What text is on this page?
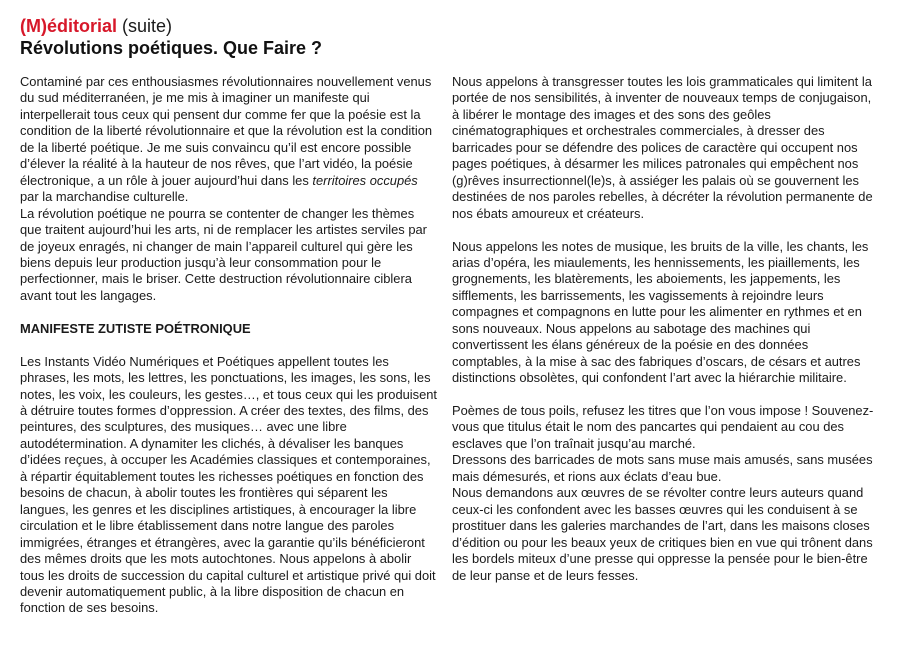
(M)éditorial (suite)

Révolutions poétiques. Que Faire ?

Contaminé par ces enthousiasmes révolutionnaires nouvellement venus du sud méditerranéen, je me mis à imaginer un manifeste qui interpellerait tous ceux qui pensent dur comme fer que la poésie est la condition de la liberté révolutionnaire et que la révolution est la condition de la liberté poétique. Je me suis convaincu qu’il est encore possible d’élever la réalité à la hauteur de nos rêves, que l’art vidéo, la poésie électronique, a un rôle à jouer aujourd’hui dans les territoires occupés par la marchandise culturelle.

La révolution poétique ne pourra se contenter de changer les thèmes que traitent aujourd’hui les arts, ni de remplacer les artistes serviles par de joyeux enragés, ni changer de main l’appareil culturel qui gère les biens depuis leur production jusqu’à leur consommation pour le perfectionner, mais le briser. Cette destruction révolutionnaire ciblera avant tout les langages.

MANIFESTE ZUTISTE POÉTRONIQUE

Les Instants Vidéo Numériques et Poétiques appellent toutes les phrases, les mots, les lettres, les ponctuations, les images, les sons, les notes, les voix, les couleurs, les gestes…, et tous ceux qui les produisent à détruire toutes formes d’oppression. A créer des textes, des films, des peintures, des sculptures, des musiques… avec une libre autodétermination. A dynamiter les clichés, à dévaliser les banques d’idées reçues, à occuper les Académies classiques et contemporaines, à répartir équitablement toutes les richesses poétiques en fonction des besoins de chacun, à abolir toutes les frontières qui séparent les langues, les genres et les disciplines artistiques, à encourager la libre circulation et le libre établissement dans notre langue des paroles immigrées, étranges et étrangères, avec la garantie qu’ils bénéficieront des mêmes droits que les mots autochtones. Nous appelons à abolir tous les droits de succession du capital culturel et artistique privé qui doit devenir automatiquement public, à la libre disposition de chacun en fonction de ses besoins.

Nous appelons à transgresser toutes les lois grammaticales qui limitent la portée de nos sensibilités, à inventer de nouveaux temps de conjugaison, à libérer le montage des images et des sons des geôles cinématographiques et orchestrales commerciales, à dresser des barricades pour se défendre des polices de caractère qui occupent nos pages poétiques, à désarmer les milices patronales qui empêchent nos (g)rêves insurrectionnel(le)s, à assiéger les palais où se gouvernent les destinées de nos paroles rebelles, à décréter la révolution permanente de nos ébats amoureux et créateurs.

Nous appelons les notes de musique, les bruits de la ville, les chants, les arias d’opéra, les miaulements, les hennissements, les piaillements, les grognements, les blatèrements, les aboiements, les jappements, les sifflements, les barrissements, les vagissements à rejoindre leurs compagnes et compagnons en lutte pour les alimenter en rythmes et en sons nouveaux. Nous appelons au sabotage des machines qui convertissent les élans généreux de la poésie en des données comptables, à la mise à sac des fabriques d’oscars, de césars et autres distinctions obsolètes, qui confondent l’art avec la hiérarchie militaire.

Poèmes de tous poils, refusez les titres que l’on vous impose ! Souvenez-vous que titulus était le nom des pancartes qui pendaient au cou des esclaves que l’on traînait jusqu’au marché.

Dressons des barricades de mots sans muse mais amusés, sans musées mais démesurés, et rions aux éclats d’eau bue.

Nous demandons aux œuvres de se révolter contre leurs auteurs quand ceux-ci les confondent avec les basses œuvres qui les conduisent à se prostituer dans les galeries marchandes de l’art, dans les maisons closes d’édition ou pour les beaux yeux de critiques bien en vue qui trônent dans les bordels miteux d’une presse qui oppresse la pensée pour le bien-être de leur panse et de leurs fesses.
